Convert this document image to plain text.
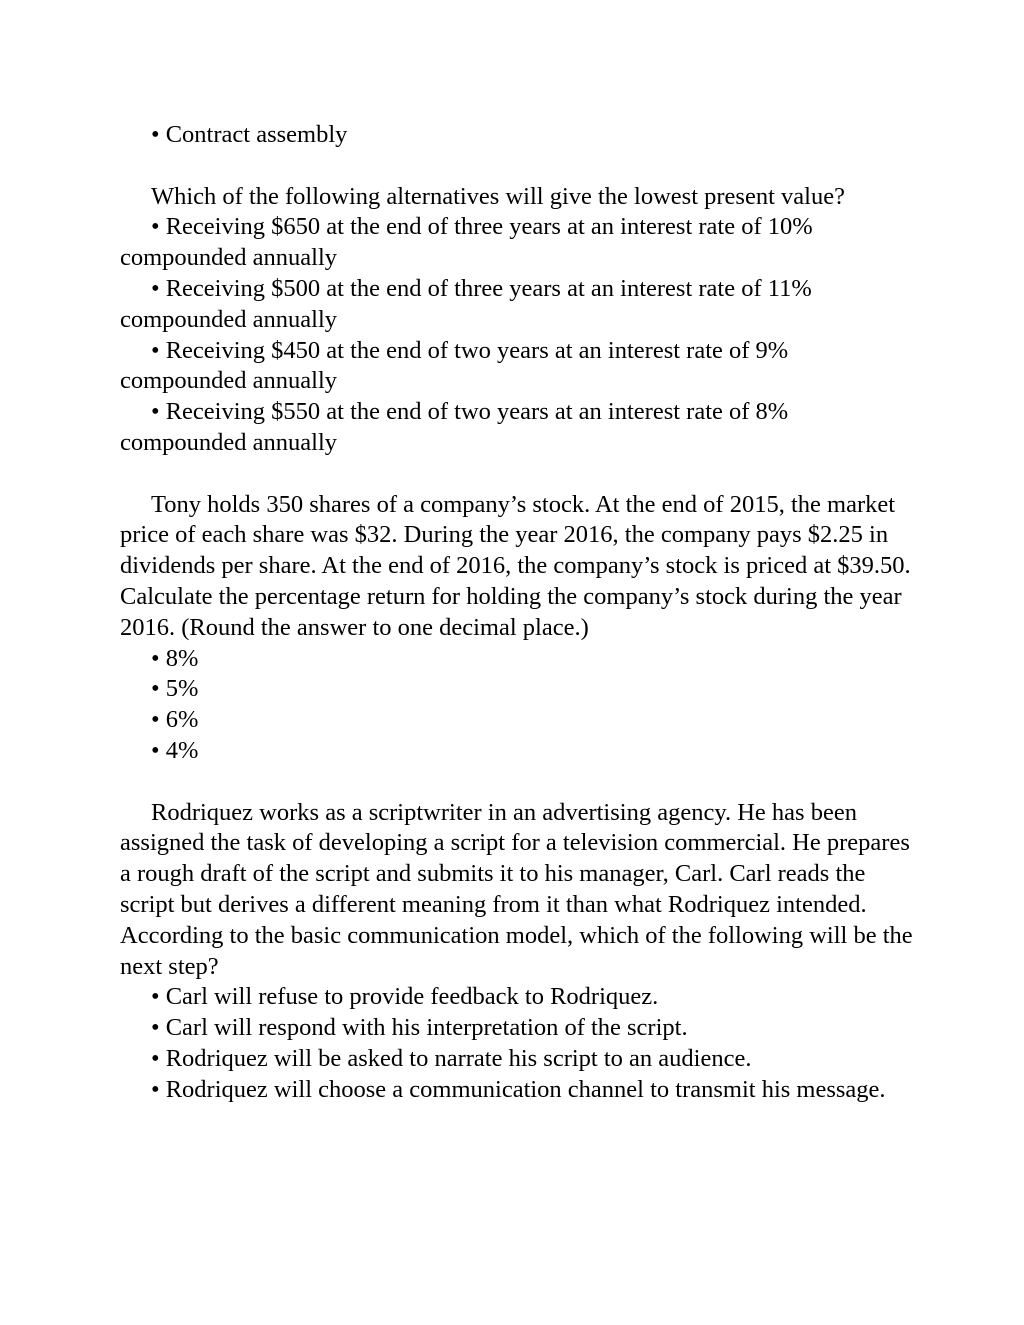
• Contract assembly

Which of the following alternatives will give the lowest present value?

• Receiving $650 at the end of three years at an interest rate of 10% compounded annually

• Receiving $500 at the end of three years at an interest rate of 11% compounded annually

• Receiving $450 at the end of two years at an interest rate of 9% compounded annually

• Receiving $550 at the end of two years at an interest rate of 8% compounded annually

Tony holds 350 shares of a company’s stock. At the end of 2015, the market price of each share was $32. During the year 2016, the company pays $2.25 in dividends per share. At the end of 2016, the company’s stock is priced at $39.50. Calculate the percentage return for holding the company’s stock during the year 2016. (Round the answer to one decimal place.)

• 8%

• 5%

• 6%

• 4%

Rodriquez works as a scriptwriter in an advertising agency. He has been assigned the task of developing a script for a television commercial. He prepares a rough draft of the script and submits it to his manager, Carl. Carl reads the script but derives a different meaning from it than what Rodriquez intended. According to the basic communication model, which of the following will be the next step?

• Carl will refuse to provide feedback to Rodriquez.

• Carl will respond with his interpretation of the script.

• Rodriquez will be asked to narrate his script to an audience.

• Rodriquez will choose a communication channel to transmit his message.
